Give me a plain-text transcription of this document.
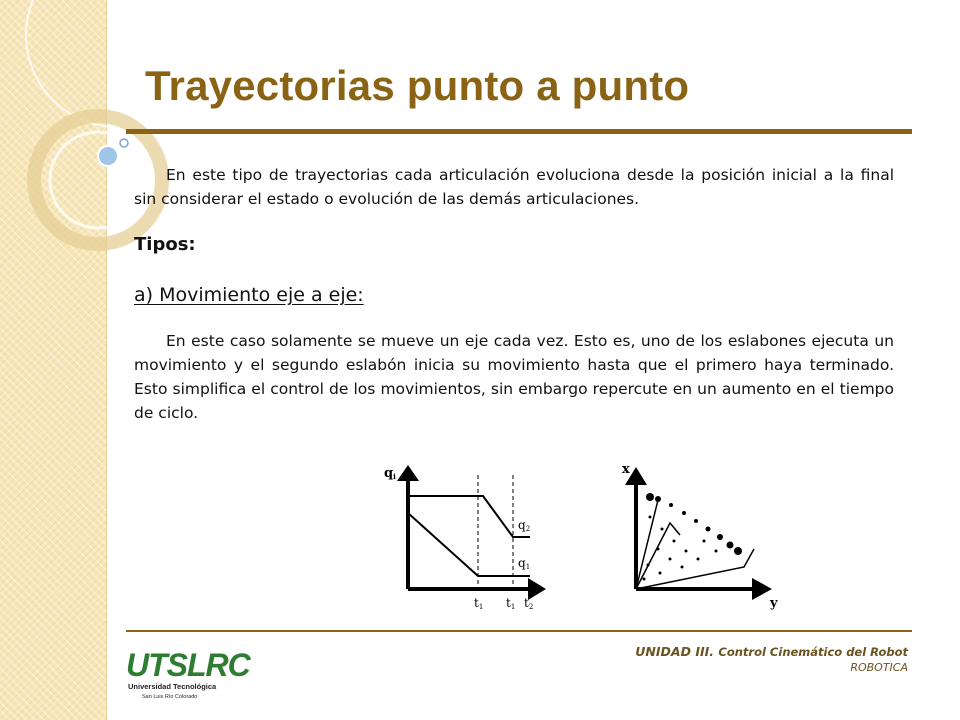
Trayectorias punto a punto

En este tipo de trayectorias cada articulación evoluciona desde la posición inicial a la final sin considerar el estado o evolución de las demás articulaciones.

Tipos:

a) Movimiento eje a eje:

En este caso solamente se mueve un eje cada vez. Esto es, uno de los eslabones ejecuta un movimiento y el segundo eslabón inicia su movimiento hasta que el primero haya terminado. Esto simplifica el control de los movimientos, sin embargo repercute en un aumento en el tiempo de ciclo.

qi
q2
q1
t1 t1 t2
x
y
UTSLRC
Universidad Tecnológica
San Luis Río Colorado

UNIDAD III. Control Cinemático del Robot

ROBOTICA
